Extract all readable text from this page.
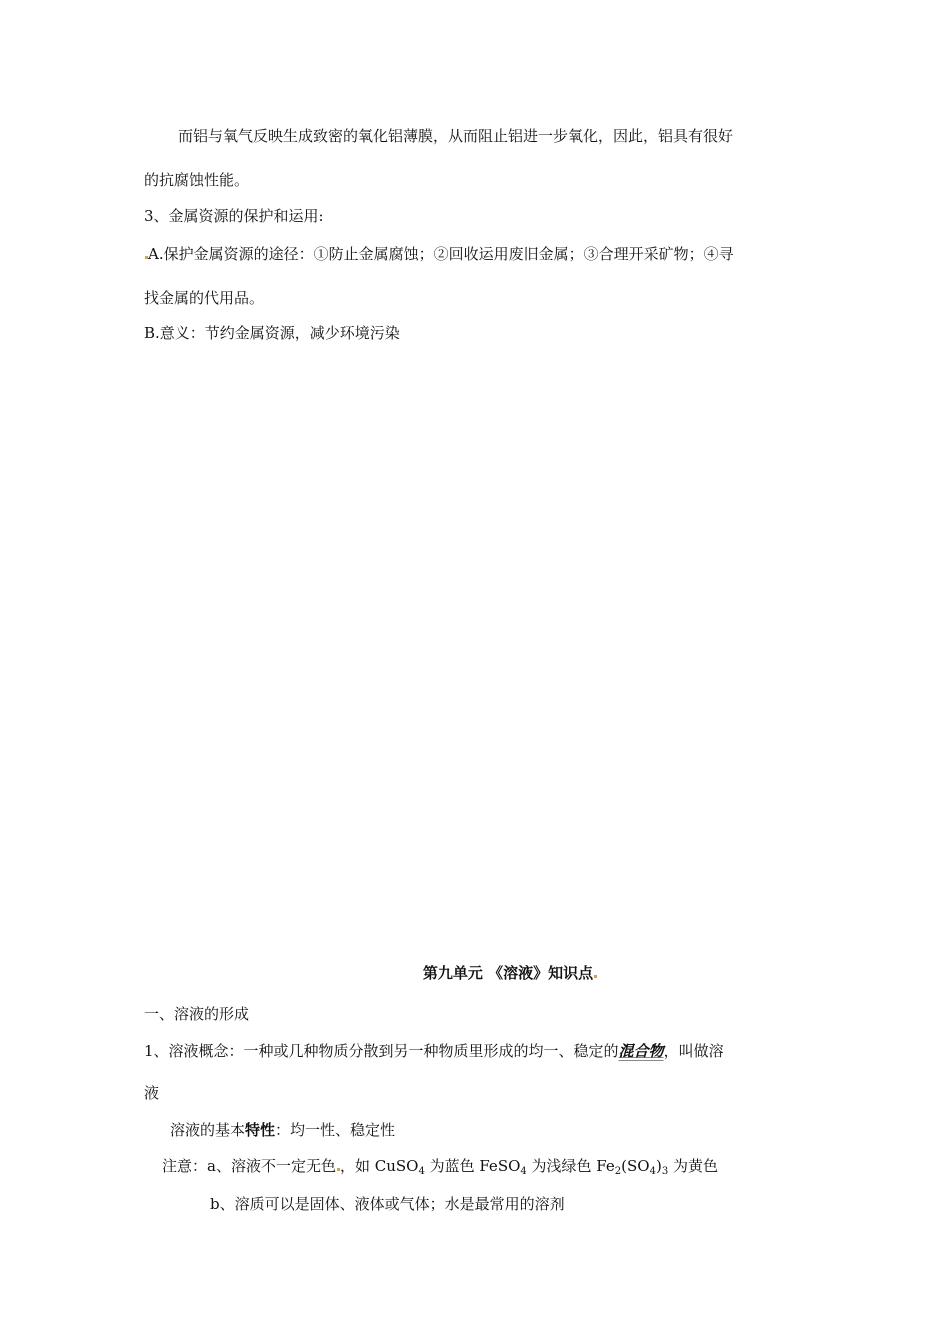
而铝与氧气反映生成致密的氧化铝薄膜，从而阻止铝进一步氧化，因此，铝具有很好
的抗腐蚀性能。
3、金属资源的保护和运用:
A.保护金属资源的途径：①防止金属腐蚀；②回收运用废旧金属；③合理开采矿物；④寻
找金属的代用品。
B.意义：节约金属资源，减少环境污染
第九单元 《溶液》知识点
一、溶液的形成
1、溶液概念：一种或几种物质分散到另一种物质里形成的均一、稳定的混合物，叫做溶
液
溶液的基本特性：均一性、稳定性
注意：a、溶液不一定无色 ，如 CuSO$_4$ 为蓝色 FeSO$_4$ 为浅绿色 $Fe_2(SO_4)_3$ 为黄色
b、溶质可以是固体、液体或气体；水是最常用的溶剂
